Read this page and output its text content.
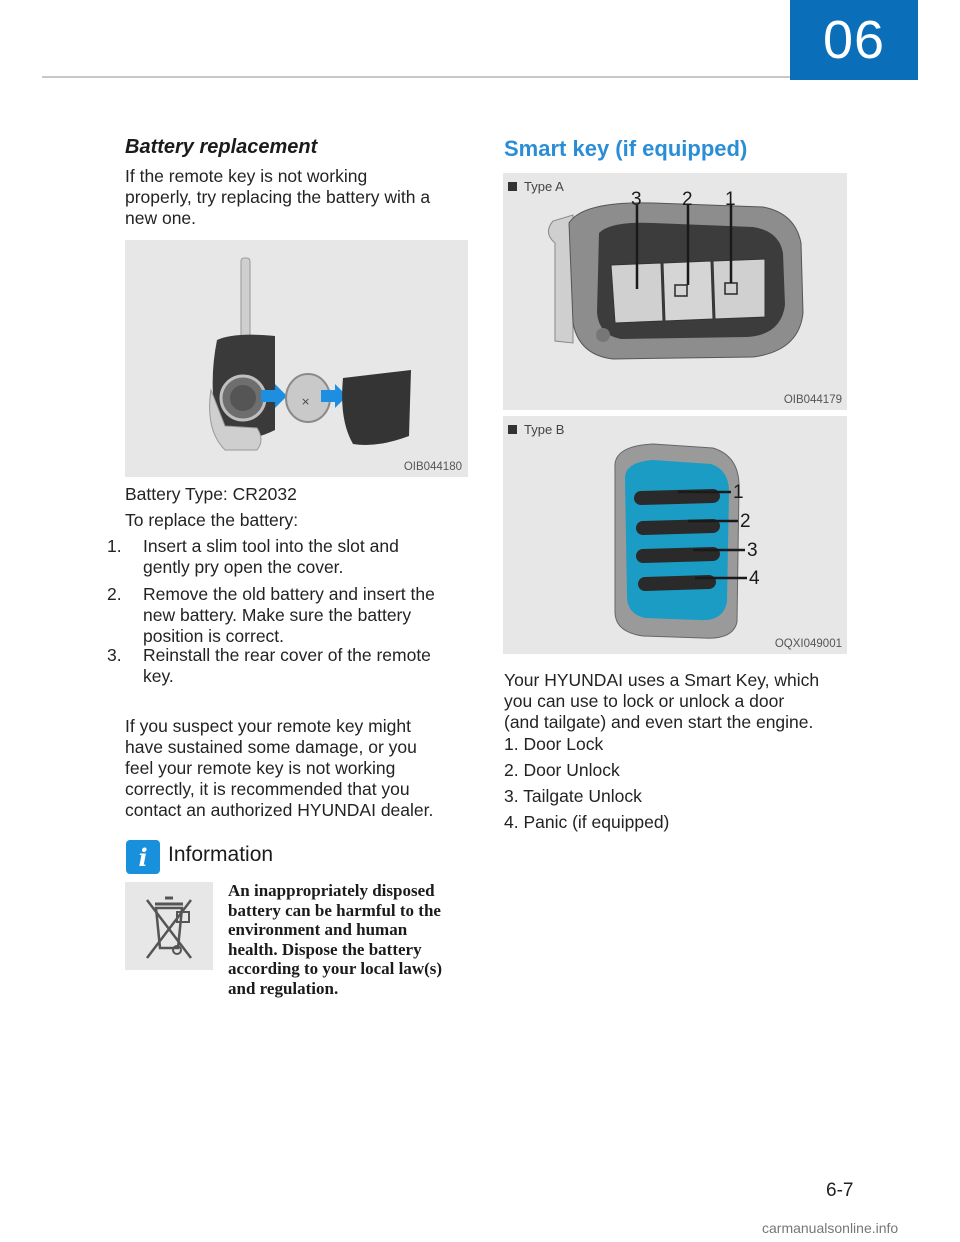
06
Battery replacement
If the remote key is not working
properly, try replacing the battery with a
new one.
×
OIB044180
Battery Type: CR2032
To replace the battery:
1. Insert a slim tool into the slot and
gently pry open the cover.
2. Remove the old battery and insert the
new battery. Make sure the battery
position is correct.
3. Reinstall the rear cover of the remote
key.
If you suspect your remote key might
have sustained some damage, or you
feel your remote key is not working
correctly, it is recommended that you
contact an authorized HYUNDAI dealer.
i Information
An inappropriately disposed
battery can be harmful to the
environment and human
health. Dispose the battery
according to your local law(s)
and regulation.
Smart key (if equipped)
Type A
3 2 1
OIB044179
Type B
1
2
3
4
OQXI049001
Your HYUNDAI uses a Smart Key, which
you can use to lock or unlock a door
(and tailgate) and even start the engine.
1. Door Lock
2. Door Unlock
3. Tailgate Unlock
4. Panic (if equipped)
6-7
carmanualsonline.info
